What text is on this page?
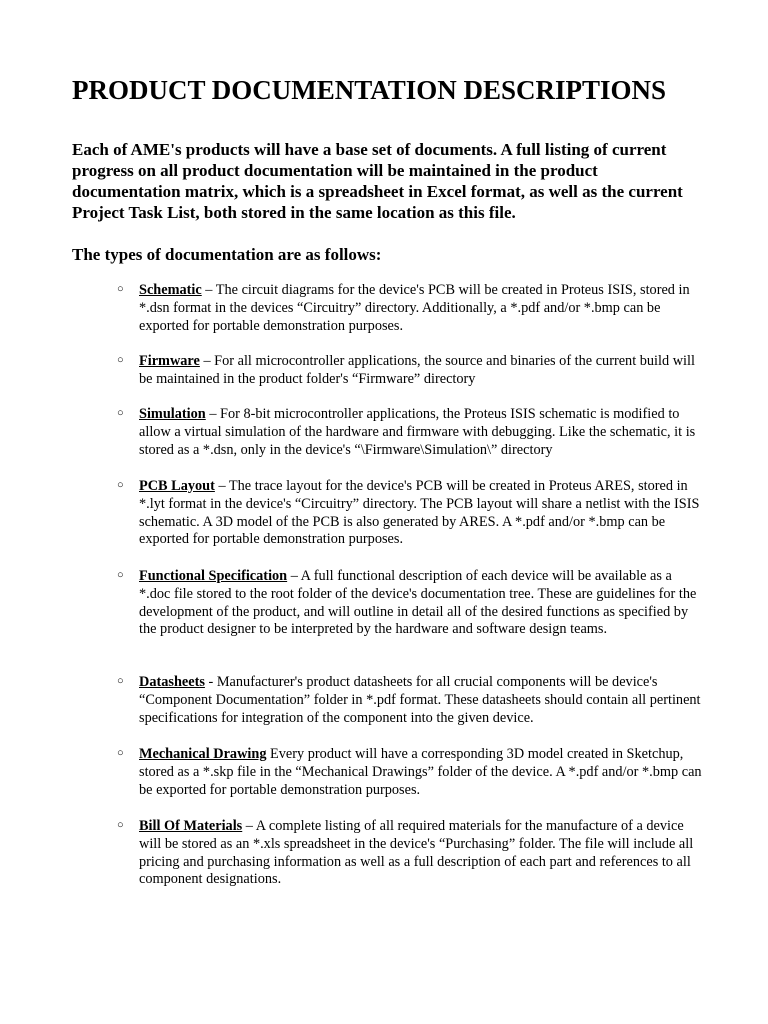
PRODUCT DOCUMENTATION DESCRIPTIONS

Each of AME's products will have a base set of documents. A full listing of current progress on all product documentation will be maintained in the product documentation matrix, which is a spreadsheet in Excel format, as well as the current Project Task List, both stored in the same location as this file.

The types of documentation are as follows:
○ Schematic – The circuit diagrams for the device's PCB will be created in Proteus ISIS, stored in *.dsn format in the devices “Circuitry” directory. Additionally, a *.pdf and/or *.bmp can be exported for portable demonstration purposes.
○ Firmware – For all microcontroller applications, the source and binaries of the current build will be maintained in the product folder's “Firmware” directory
○ Simulation – For 8-bit microcontroller applications, the Proteus ISIS schematic is modified to allow a virtual simulation of the hardware and firmware with debugging. Like the schematic, it is stored as a *.dsn, only in the device's “\Firmware\Simulation\” directory
○ PCB Layout – The trace layout for the device's PCB will be created in Proteus ARES, stored in *.lyt format in the device's “Circuitry” directory. The PCB layout will share a netlist with the ISIS schematic. A 3D model of the PCB is also generated by ARES. A *.pdf and/or *.bmp can be exported for portable demonstration purposes.
○ Functional Specification – A full functional description of each device will be available as a *.doc file stored to the root folder of the device's documentation tree. These are guidelines for the development of the product, and will outline in detail all of the desired functions as specified by the product designer to be interpreted by the hardware and software design teams.
○ Datasheets - Manufacturer's product datasheets for all crucial components will be device's “Component Documentation” folder in *.pdf format. These datasheets should contain all pertinent specifications for integration of the component into the given device.
○ Mechanical Drawing Every product will have a corresponding 3D model created in Sketchup, stored as a *.skp file in the “Mechanical Drawings” folder of the device. A *.pdf and/or *.bmp can be exported for portable demonstration purposes.
○ Bill Of Materials – A complete listing of all required materials for the manufacture of a device will be stored as an *.xls spreadsheet in the device's “Purchasing” folder. The file will include all pricing and purchasing information as well as a full description of each part and references to all component designations.
